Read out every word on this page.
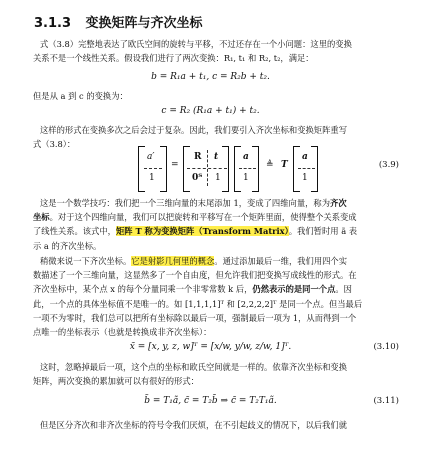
3.1.3 变换矩阵与齐次坐标
式（3.8）完整地表达了欧氏空间的旋转与平移，不过还存在一个小问题：这里的变换
关系不是一个线性关系。假设我们进行了两次变换：R₁, t₁ 和 R₂, t₂，满足：
b = R₁a + t₁, c = R₂b + t₂.
但是从 a 到 c 的变换为：
c = R₂ (R₁a + t₁) + t₂.
这样的形式在变换多次之后会过于复杂。因此，我们要引入齐次坐标和变换矩阵重写
式（3.8）：
a′
1
=
R t
0ᵀ 1
a
1
≜ T
a
1
(3.9)
这是一个数学技巧：我们把一个三维向量的末尾添加 1，变成了四维向量，称为齐次
坐标。对于这个四维向量，我们可以把旋转和平移写在一个矩阵里面，使得整个关系变成
了线性关系。该式中，矩阵 T 称为变换矩阵（Transform Matrix）。我们暂时用 ã 表
示 a 的齐次坐标。
稍微来说一下齐次坐标。它是射影几何里的概念。通过添加最后一维，我们用四个实
数描述了一个三维向量，这显然多了一个自由度，但允许我们把变换写成线性的形式。在
齐次坐标中，某个点 x 的每个分量同乘一个非零常数 k 后，仍然表示的是同一个点。因
此，一个点的具体坐标值不是唯一的。如 [1,1,1,1]ᵀ 和 [2,2,2,2]ᵀ 是同一个点。但当最后
一项不为零时，我们总可以把所有坐标除以最后一项，强制最后一项为 1，从而得到一个
点唯一的坐标表示（也就是转换成非齐次坐标）：
x̃ = [x, y, z, w]ᵀ = [x/w, y/w, z/w, 1]ᵀ.	(3.10)
这时，忽略掉最后一项，这个点的坐标和欧氏空间就是一样的。依靠齐次坐标和变换
矩阵，两次变换的累加就可以有很好的形式：
b̃ = T₁ã, c̃ = T₂b̃ ⇒ c̃ = T₂T₁ã.	(3.11)
但是区分齐次和非齐次坐标的符号令我们厌烦，在不引起歧义的情况下，以后我们就
